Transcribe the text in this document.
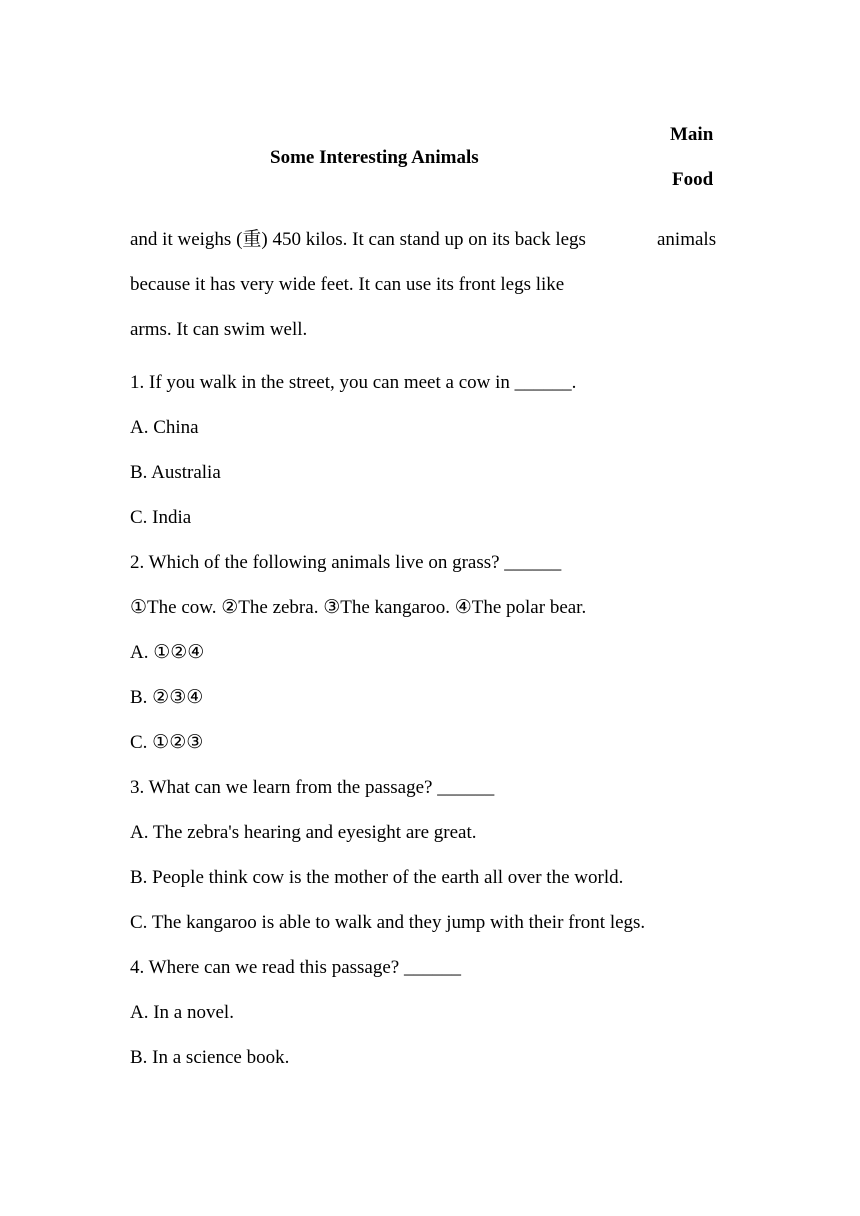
Some Interesting Animals
Main
Food
animals
and it weighs (重) 450 kilos. It can stand up on its back legs
because it has very wide feet. It can use its front legs like
arms. It can swim well.
1. If you walk in the street, you can meet a cow in ______.
A. China
B. Australia
C. India
2. Which of the following animals live on grass? ______
①The cow. ②The zebra. ③The kangaroo. ④The polar bear.
A. ①②④
B. ②③④
C. ①②③
3. What can we learn from the passage? ______
A. The zebra's hearing and eyesight are great.
B. People think cow is the mother of the earth all over the world.
C. The kangaroo is able to walk and they jump with their front legs.
4. Where can we read this passage? ______
A. In a novel.
B. In a science book.
